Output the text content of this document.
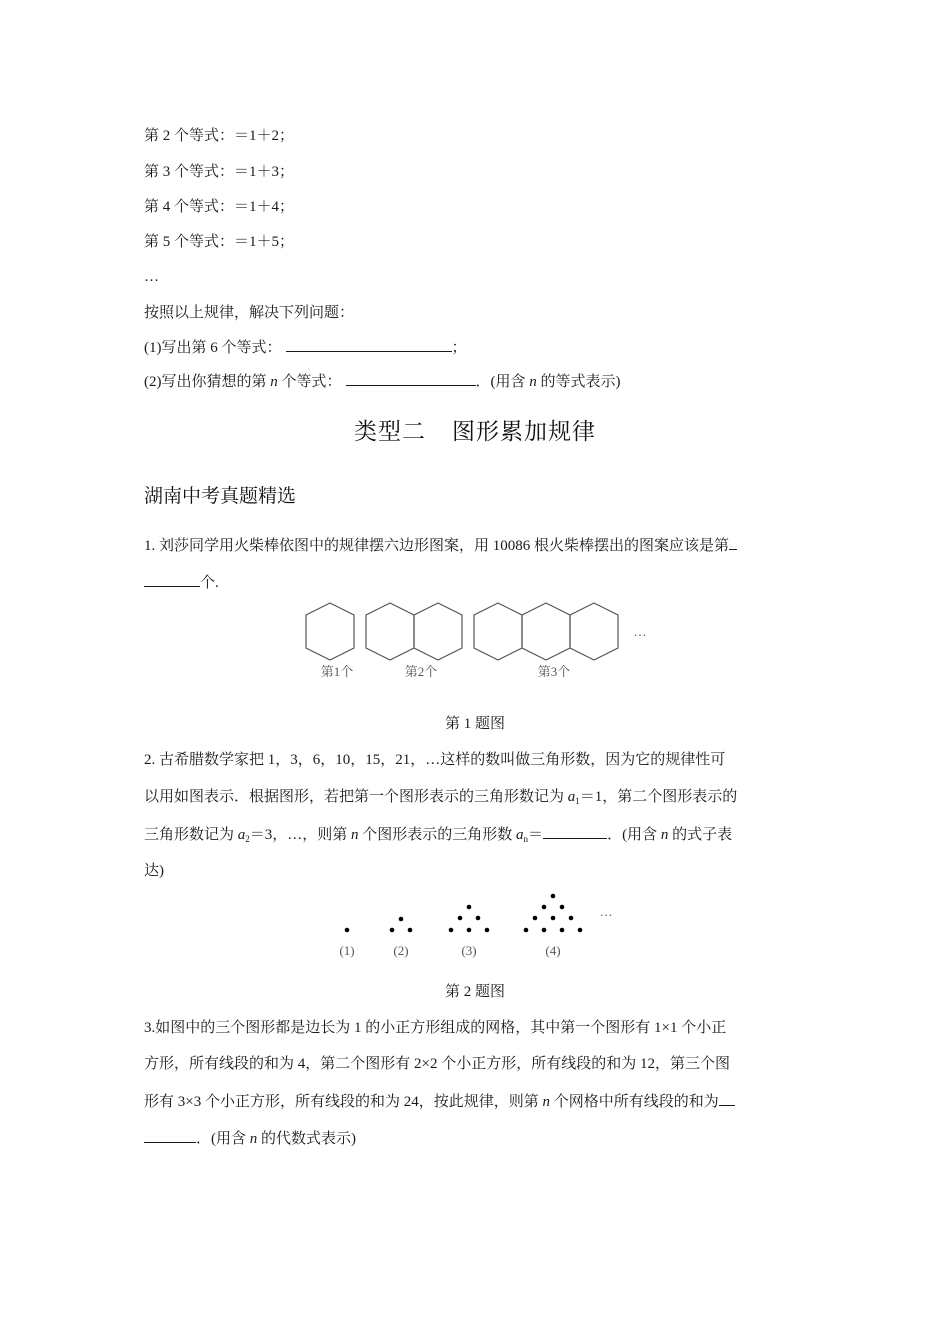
第 2 个等式：＝1＋2；
第 3 个等式：＝1＋3；
第 4 个等式：＝1＋4；
第 5 个等式：＝1＋5；
…
按照以上规律，解决下列问题：
(1)写出第 6 个等式：	；
(2)写出你猜想的第 n 个等式：	．(用含 n 的等式表示)
类型二 图形累加规律
湖南中考真题精选
1. 刘莎同学用火柴棒依图中的规律摆六边形图案，用 10086 根火柴棒摆出的图案应该是第
个.
第1个	第2个	第3个
…
(1)	(2)	(3)	(4)
…
第 1 题图
2. 古希腊数学家把 1，3，6，10，15，21，…这样的数叫做三角形数，因为它的规律性可
以用如图表示．根据图形，若把第一个图形表示的三角形数记为 $a_1=1$，第二个图形表示的
三角形数记为 $a_2=3$，…，则第 n 个图形表示的三角形数 $a_n=$	．(用含 n 的式子表
达)
第 2 题图
3.如图中的三个图形都是边长为 1 的小正方形组成的网格，其中第一个图形有 1×1 个小正
方形，所有线段的和为 4，第二个图形有 2×2 个小正方形，所有线段的和为 12，第三个图
形有 3×3 个小正方形，所有线段的和为 24，按此规律，则第 n 个网格中所有线段的和为
．(用含 n 的代数式表示)
